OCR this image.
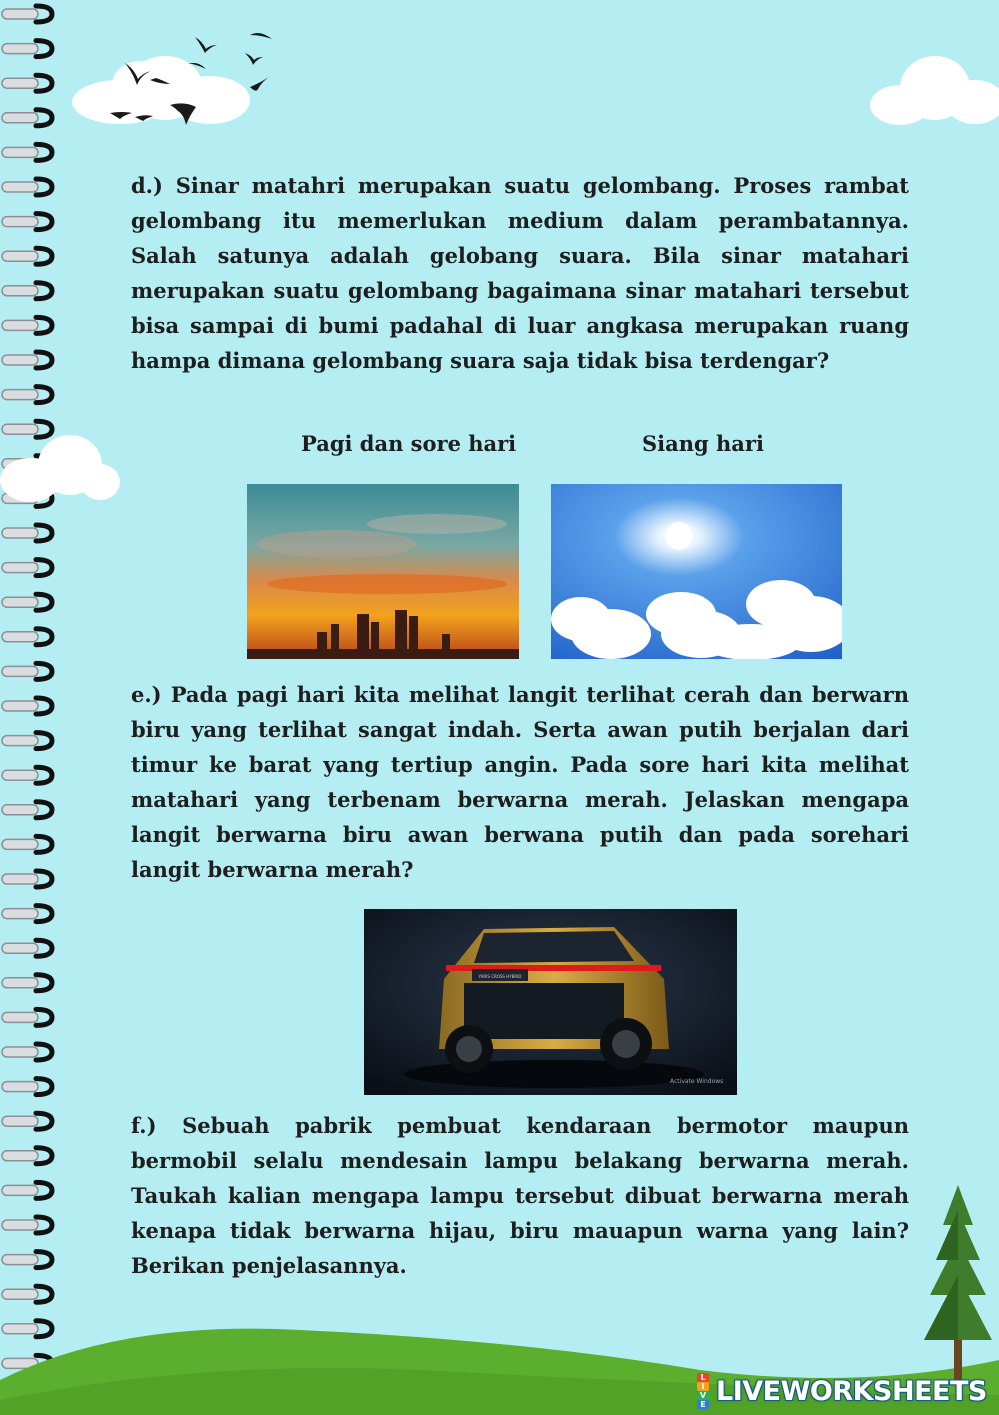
d.) Sinar matahri merupakan suatu gelombang. Proses rambat gelombang itu memerlukan medium dalam perambatannya. Salah satunya adalah gelobang suara. Bila sinar matahari merupakan suatu gelombang bagaimana sinar matahari tersebut bisa sampai di bumi padahal di luar angkasa merupakan ruang hampa dimana gelombang suara saja tidak bisa terdengar?

Pagi dan sore hari	Siang hari

e.) Pada pagi hari kita melihat langit terlihat cerah dan berwarn biru yang terlihat sangat indah. Serta awan putih berjalan dari timur ke barat yang tertiup angin. Pada sore hari kita melihat matahari yang terbenam berwarna merah. Jelaskan mengapa langit berwarna biru awan berwana putih dan pada sorehari langit berwarna merah?

YARIS CROSS HYBRID
Activate Windows

f.) Sebuah pabrik pembuat kendaraan bermotor maupun bermobil selalu mendesain lampu belakang berwarna merah. Taukah kalian mengapa lampu tersebut dibuat berwarna merah kenapa tidak berwarna hijau, biru mauapun warna yang lain? Berikan penjelasannya.

L
I
V
E LIVEWORKSHEETS
